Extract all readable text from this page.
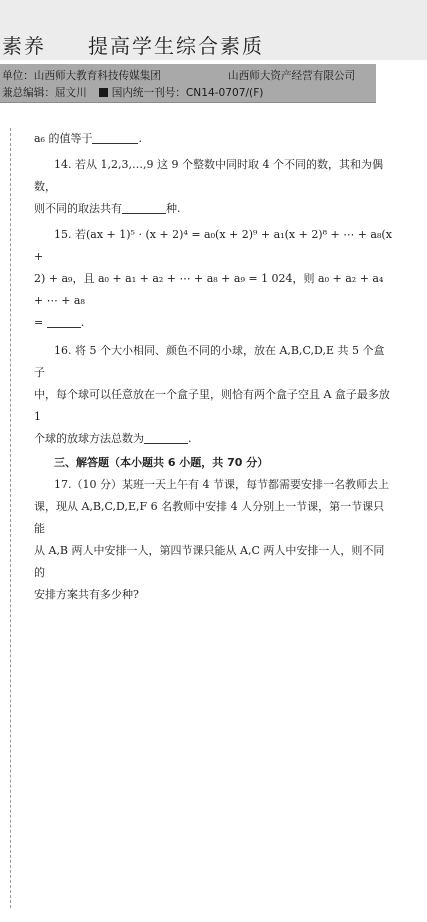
素养 提高学生综合素质
单位：山西师大教育科技传媒集团	山西师大资产经营有限公司
兼总编辑：屈文川 国内统一刊号：CN14-0707/(F)

a₆ 的值等于	.

14. 若从 1,2,3,…,9 这 9 个整数中同时取 4 个不同的数，其和为偶数，

则不同的取法共有	种.

15. 若(ax + 1)⁵ · (x + 2)⁴ = a₀(x + 2)⁹ + a₁(x + 2)⁸ + ⋯ + a₈(x +

2) + a₉，且 a₀ + a₁ + a₂ + ⋯ + a₈ + a₉ = 1 024，则 a₀ + a₂ + a₄ + ⋯ + a₈

=	.

16. 将 5 个大小相同、颜色不同的小球，放在 A,B,C,D,E 共 5 个盒子

中，每个球可以任意放在一个盒子里，则恰有两个盒子空且 A 盒子最多放 1

个球的放球方法总数为	.

三、解答题（本小题共 6 小题，共 70 分）

17.（10 分）某班一天上午有 4 节课，每节都需要安排一名教师去上

课，现从 A,B,C,D,E,F 6 名教师中安排 4 人分别上一节课，第一节课只能

从 A,B 两人中安排一人，第四节课只能从 A,C 两人中安排一人，则不同的

安排方案共有多少种?
